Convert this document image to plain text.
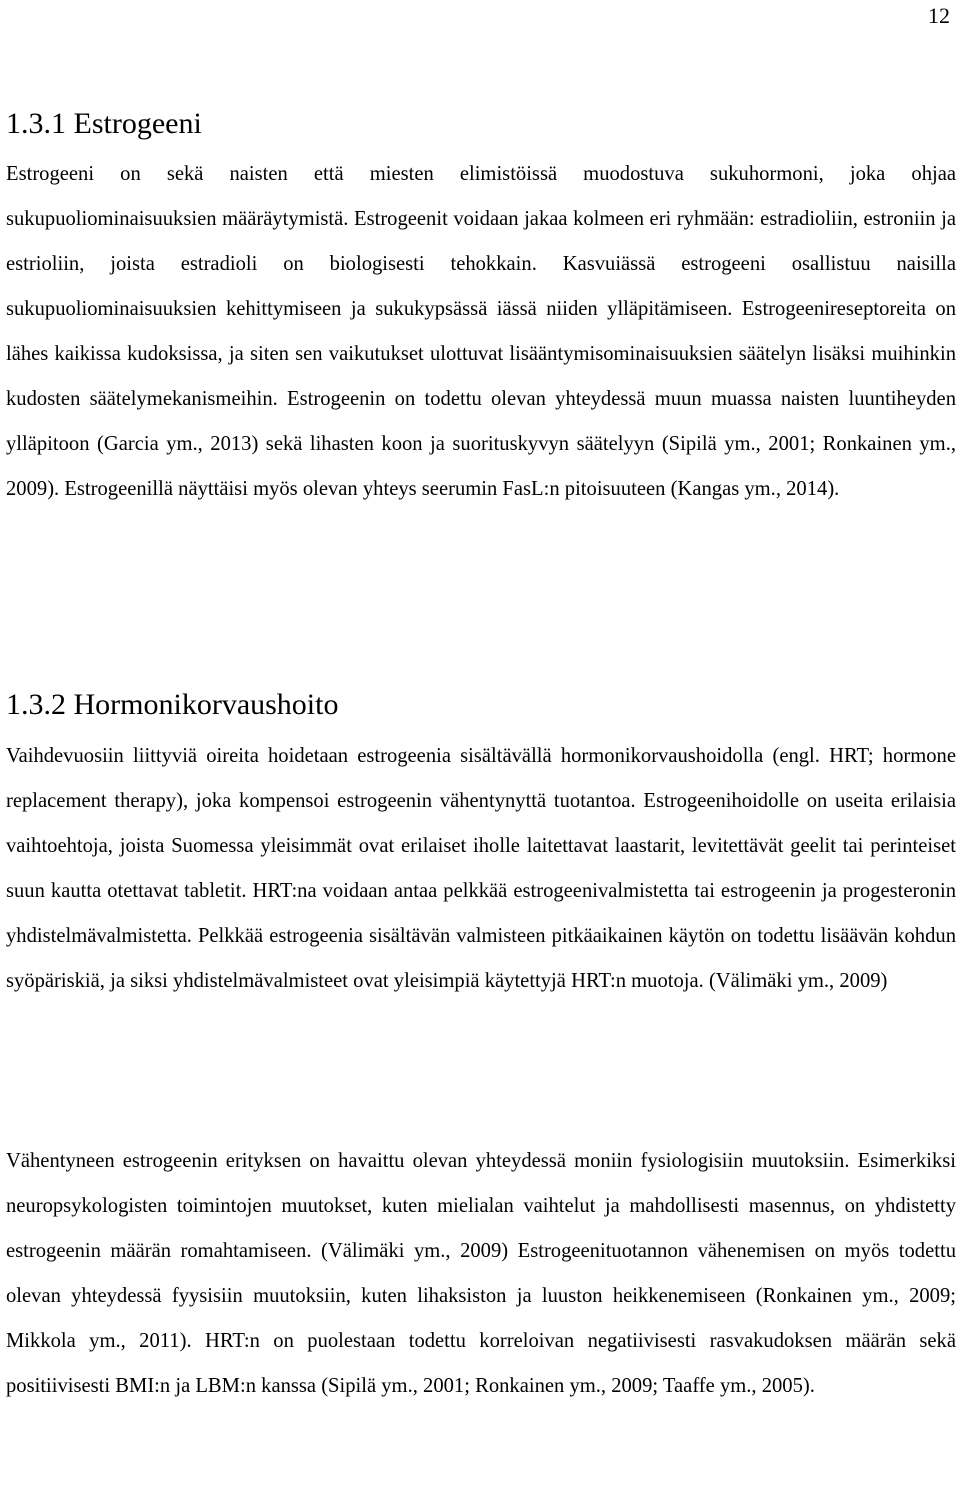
12
1.3.1 Estrogeeni

Estrogeeni on sekä naisten että miesten elimistöissä muodostuva sukuhormoni, joka ohjaa sukupuoliominaisuuksien määräytymistä. Estrogeenit voidaan jakaa kolmeen eri ryhmään: estradioliin, estroniin ja estrioliin, joista estradioli on biologisesti tehokkain. Kasvuiässä estrogeeni osallistuu naisilla sukupuoliominaisuuksien kehittymiseen ja sukukypsässä iässä niiden ylläpitämiseen. Estrogeenireseptoreita on lähes kaikissa kudoksissa, ja siten sen vaikutukset ulottuvat lisääntymisominaisuuksien säätelyn lisäksi muihinkin kudosten säätelymekanismeihin. Estrogeenin on todettu olevan yhteydessä muun muassa naisten luuntiheyden ylläpitoon (Garcia ym., 2013) sekä lihasten koon ja suorituskyvyn säätelyyn (Sipilä ym., 2001; Ronkainen ym., 2009). Estrogeenillä näyttäisi myös olevan yhteys seerumin FasL:n pitoisuuteen (Kangas ym., 2014).

1.3.2 Hormonikorvaushoito

Vaihdevuosiin liittyviä oireita hoidetaan estrogeenia sisältävällä hormonikorvaushoidolla (engl. HRT; hormone replacement therapy), joka kompensoi estrogeenin vähentynyttä tuotantoa. Estrogeenihoidolle on useita erilaisia vaihtoehtoja, joista Suomessa yleisimmät ovat erilaiset iholle laitettavat laastarit, levitettävät geelit tai perinteiset suun kautta otettavat tabletit. HRT:na voidaan antaa pelkkää estrogeenivalmistetta tai estrogeenin ja progesteronin yhdistelmävalmistetta. Pelkkää estrogeenia sisältävän valmisteen pitkäaikainen käytön on todettu lisäävän kohdun syöpäriskiä, ja siksi yhdistelmävalmisteet ovat yleisimpiä käytettyjä HRT:n muotoja. (Välimäki ym., 2009)

Vähentyneen estrogeenin erityksen on havaittu olevan yhteydessä moniin fysiologisiin muutoksiin. Esimerkiksi neuropsykologisten toimintojen muutokset, kuten mielialan vaihtelut ja mahdollisesti masennus, on yhdistetty estrogeenin määrän romahtamiseen. (Välimäki ym., 2009) Estrogeenituotannon vähenemisen on myös todettu olevan yhteydessä fyysisiin muutoksiin, kuten lihaksiston ja luuston heikkenemiseen (Ronkainen ym., 2009; Mikkola ym., 2011). HRT:n on puolestaan todettu korreloivan negatiivisesti rasvakudoksen määrän sekä positiivisesti BMI:n ja LBM:n kanssa (Sipilä ym., 2001; Ronkainen ym., 2009; Taaffe ym., 2005).
